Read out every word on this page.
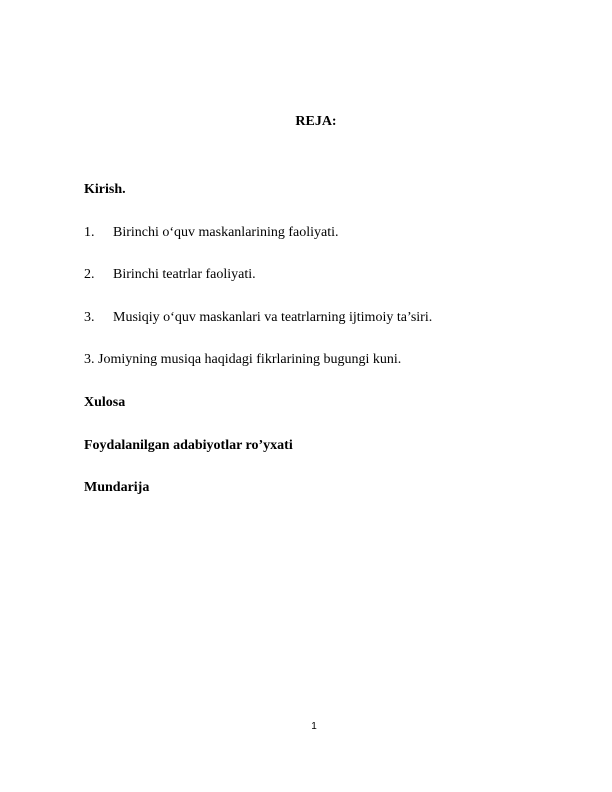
REJA:
Kirish.
1. Birinchi o‘quv maskanlarining faoliyati.
2. Birinchi teatrlar faoliyati.
3. Musiqiy o‘quv maskanlari va teatrlarning ijtimoiy ta’siri.
3. Jomiyning musiqa haqidagi fikrlarining bugungi kuni.
Xulosa
Foydalanilgan adabiyotlar ro’yxati
Mundarija
1
